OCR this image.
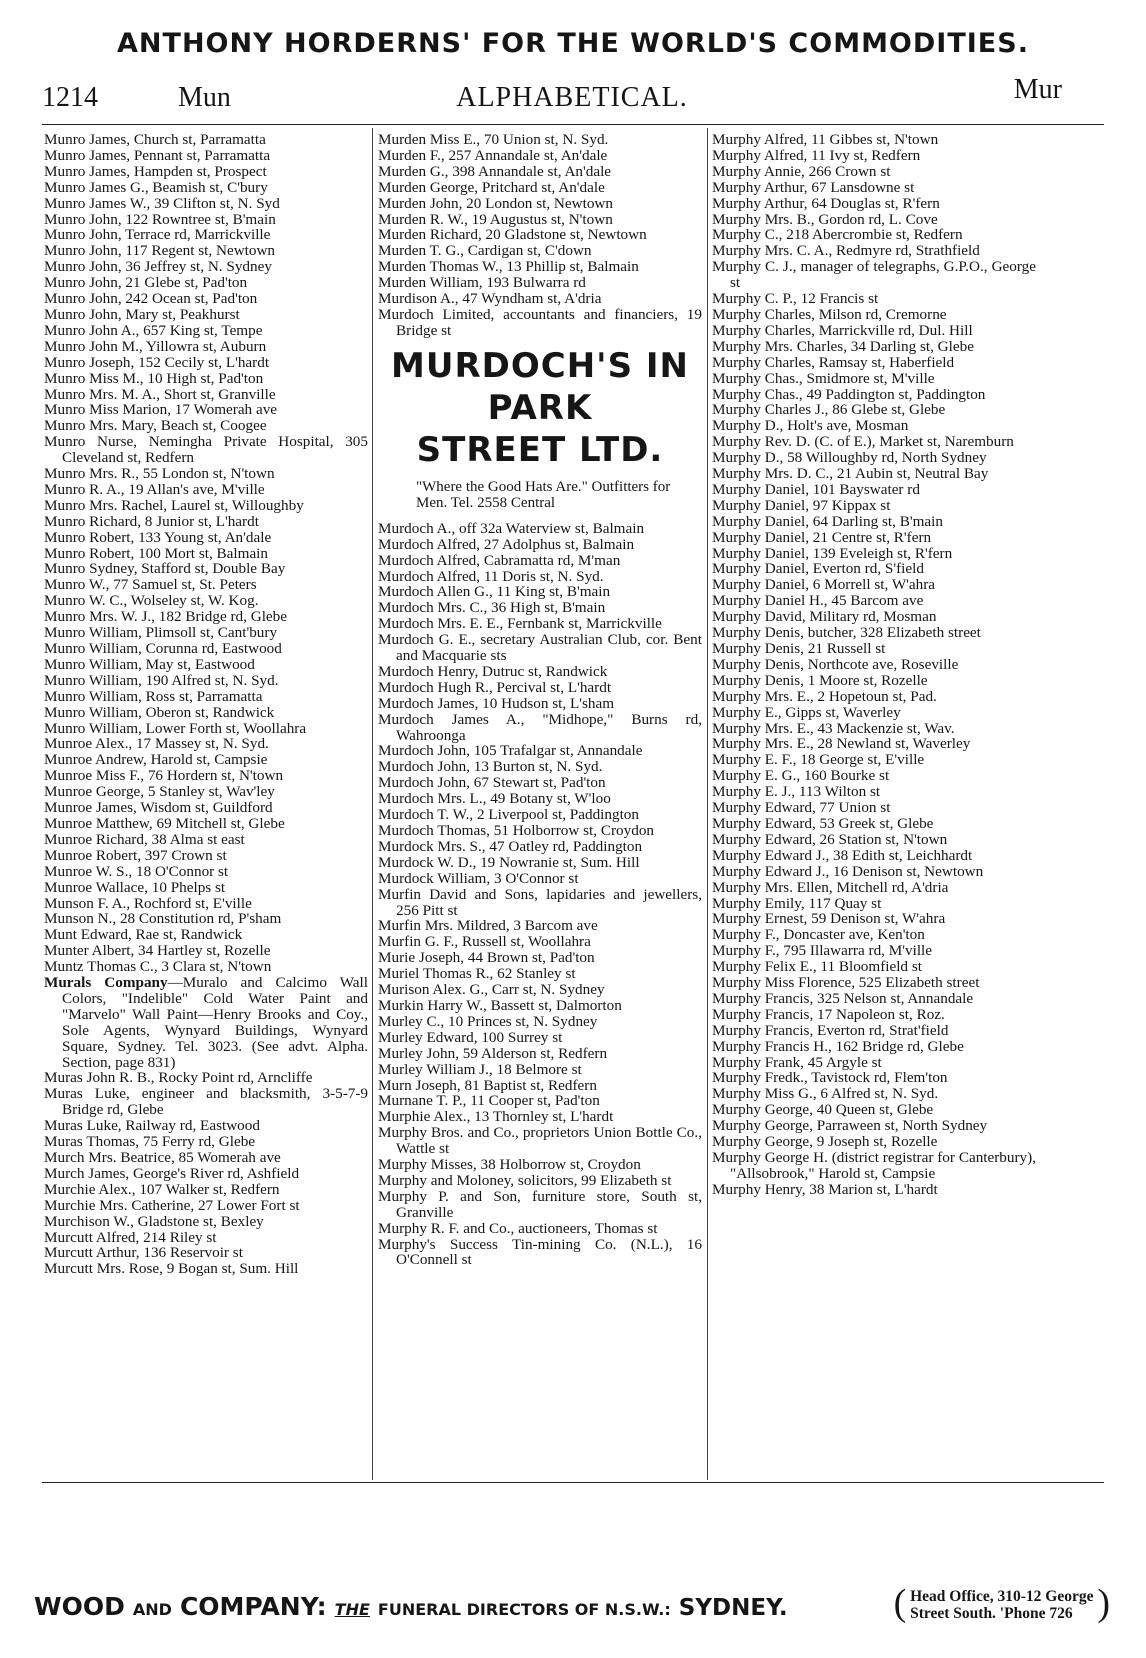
ANTHONY HORDERNS' FOR THE WORLD'S COMMODITIES.
1214	Mun	ALPHABETICAL.	Mur
Munro James, Church st, Parramatta
Munro James, Pennant st, Parramatta
Munro James, Hampden st, Prospect
Munro James G., Beamish st, C'bury
Munro James W., 39 Clifton st, N. Syd
Munro John, 122 Rowntree st, B'main
Munro John, Terrace rd, Marrickville
Munro John, 117 Regent st, Newtown
Munro John, 36 Jeffrey st, N. Sydney
Munro John, 21 Glebe st, Pad'ton
Munro John, 242 Ocean st, Pad'ton
Munro John, Mary st, Peakhurst
Munro John A., 657 King st, Tempe
Munro John M., Yillowra st, Auburn
Munro Joseph, 152 Cecily st, L'hardt
Munro Miss M., 10 High st, Pad'ton
Munro Mrs. M. A., Short st, Granville
Munro Miss Marion, 17 Womerah ave
Munro Mrs. Mary, Beach st, Coogee
Munro Nurse, Nemingha Private Hospital, 305 Cleveland st, Redfern
Munro Mrs. R., 55 London st, N'town
Munro R. A., 19 Allan's ave, M'ville
Munro Mrs. Rachel, Laurel st, Willoughby
Munro Richard, 8 Junior st, L'hardt
Munro Robert, 133 Young st, An'dale
Munro Robert, 100 Mort st, Balmain
Munro Sydney, Stafford st, Double Bay
Munro W., 77 Samuel st, St. Peters
Munro W. C., Wolseley st, W. Kog.
Munro Mrs. W. J., 182 Bridge rd, Glebe
Munro William, Plimsoll st, Cant'bury
Munro William, Corunna rd, Eastwood
Munro William, May st, Eastwood
Munro William, 190 Alfred st, N. Syd.
Munro William, Ross st, Parramatta
Munro William, Oberon st, Randwick
Munro William, Lower Forth st, Woollahra
Munroe Alex., 17 Massey st, N. Syd.
Munroe Andrew, Harold st, Campsie
Munroe Miss F., 76 Hordern st, N'town
Munroe George, 5 Stanley st, Wav'ley
Munroe James, Wisdom st, Guildford
Munroe Matthew, 69 Mitchell st, Glebe
Munroe Richard, 38 Alma st east
Munroe Robert, 397 Crown st
Munroe W. S., 18 O'Connor st
Munroe Wallace, 10 Phelps st
Munson F. A., Rochford st, E'ville
Munson N., 28 Constitution rd, P'sham
Munt Edward, Rae st, Randwick
Munter Albert, 34 Hartley st, Rozelle
Muntz Thomas C., 3 Clara st, N'town
Murals Company—Muralo and Calcimo Wall Colors, "Indelible" Cold Water Paint and "Marvelo" Wall Paint—Henry Brooks and Coy., Sole Agents, Wynyard Buildings, Wynyard Square, Sydney. Tel. 3023. (See advt. Alpha. Section, page 831)
Muras John R. B., Rocky Point rd, Arncliffe
Muras Luke, engineer and blacksmith, 3-5-7-9 Bridge rd, Glebe
Muras Luke, Railway rd, Eastwood
Muras Thomas, 75 Ferry rd, Glebe
Murch Mrs. Beatrice, 85 Womerah ave
Murch James, George's River rd, Ashfield
Murchie Alex., 107 Walker st, Redfern
Murchie Mrs. Catherine, 27 Lower Fort st
Murchison W., Gladstone st, Bexley
Murcutt Alfred, 214 Riley st
Murcutt Arthur, 136 Reservoir st
Murcutt Mrs. Rose, 9 Bogan st, Sum. Hill
Murden Miss E., 70 Union st, N. Syd.
Murden F., 257 Annandale st, An'dale
Murden G., 398 Annandale st, An'dale
Murden George, Pritchard st, An'dale
Murden John, 20 London st, Newtown
Murden R. W., 19 Augustus st, N'town
Murden Richard, 20 Gladstone st, Newtown
Murden T. G., Cardigan st, C'down
Murden Thomas W., 13 Phillip st, Balmain
Murden William, 193 Bulwarra rd
Murdison A., 47 Wyndham st, A'dria
Murdoch Limited, accountants and financiers, 19 Bridge st
MURDOCH'S IN PARK
STREET LTD.
"Where the Good Hats Are." Outfitters for Men. Tel. 2558 Central
Murdoch A., off 32a Waterview st, Balmain
Murdoch Alfred, 27 Adolphus st, Balmain
Murdoch Alfred, Cabramatta rd, M'man
Murdoch Alfred, 11 Doris st, N. Syd.
Murdoch Allen G., 11 King st, B'main
Murdoch Mrs. C., 36 High st, B'main
Murdoch Mrs. E. E., Fernbank st, Marrickville
Murdoch G. E., secretary Australian Club, cor. Bent and Macquarie sts
Murdoch Henry, Dutruc st, Randwick
Murdoch Hugh R., Percival st, L'hardt
Murdoch James, 10 Hudson st, L'sham
Murdoch James A., "Midhope," Burns rd, Wahroonga
Murdoch John, 105 Trafalgar st, Annandale
Murdoch John, 13 Burton st, N. Syd.
Murdoch John, 67 Stewart st, Pad'ton
Murdoch Mrs. L., 49 Botany st, W'loo
Murdoch T. W., 2 Liverpool st, Paddington
Murdoch Thomas, 51 Holborrow st, Croydon
Murdock Mrs. S., 47 Oatley rd, Paddington
Murdock W. D., 19 Nowranie st, Sum. Hill
Murdock William, 3 O'Connor st
Murfin David and Sons, lapidaries and jewellers, 256 Pitt st
Murfin Mrs. Mildred, 3 Barcom ave
Murfin G. F., Russell st, Woollahra
Murie Joseph, 44 Brown st, Pad'ton
Muriel Thomas R., 62 Stanley st
Murison Alex. G., Carr st, N. Sydney
Murkin Harry W., Bassett st, Dalmorton
Murley C., 10 Princes st, N. Sydney
Murley Edward, 100 Surrey st
Murley John, 59 Alderson st, Redfern
Murley William J., 18 Belmore st
Murn Joseph, 81 Baptist st, Redfern
Murnane T. P., 11 Cooper st, Pad'ton
Murphie Alex., 13 Thornley st, L'hardt
Murphy Bros. and Co., proprietors Union Bottle Co., Wattle st
Murphy Misses, 38 Holborrow st, Croydon
Murphy and Moloney, solicitors, 99 Elizabeth st
Murphy P. and Son, furniture store, South st, Granville
Murphy R. F. and Co., auctioneers, Thomas st
Murphy's Success Tin-mining Co. (N.L.), 16 O'Connell st
Murphy Alfred, 11 Gibbes st, N'town
Murphy Alfred, 11 Ivy st, Redfern
Murphy Annie, 266 Crown st
Murphy Arthur, 67 Lansdowne st
Murphy Arthur, 64 Douglas st, R'fern
Murphy Mrs. B., Gordon rd, L. Cove
Murphy C., 218 Abercrombie st, Redfern
Murphy Mrs. C. A., Redmyre rd, Strathfield
Murphy C. J., manager of telegraphs, G.P.O., George st
Murphy C. P., 12 Francis st
Murphy Charles, Milson rd, Cremorne
Murphy Charles, Marrickville rd, Dul. Hill
Murphy Mrs. Charles, 34 Darling st, Glebe
Murphy Charles, Ramsay st, Haberfield
Murphy Chas., Smidmore st, M'ville
Murphy Chas., 49 Paddington st, Paddington
Murphy Charles J., 86 Glebe st, Glebe
Murphy D., Holt's ave, Mosman
Murphy Rev. D. (C. of E.), Market st, Naremburn
Murphy D., 58 Willoughby rd, North Sydney
Murphy Mrs. D. C., 21 Aubin st, Neutral Bay
Murphy Daniel, 101 Bayswater rd
Murphy Daniel, 97 Kippax st
Murphy Daniel, 64 Darling st, B'main
Murphy Daniel, 21 Centre st, R'fern
Murphy Daniel, 139 Eveleigh st, R'fern
Murphy Daniel, Everton rd, S'field
Murphy Daniel, 6 Morrell st, W'ahra
Murphy Daniel H., 45 Barcom ave
Murphy David, Military rd, Mosman
Murphy Denis, butcher, 328 Elizabeth street
Murphy Denis, 21 Russell st
Murphy Denis, Northcote ave, Roseville
Murphy Denis, 1 Moore st, Rozelle
Murphy Mrs. E., 2 Hopetoun st, Pad.
Murphy E., Gipps st, Waverley
Murphy Mrs. E., 43 Mackenzie st, Wav.
Murphy Mrs. E., 28 Newland st, Waverley
Murphy E. F., 18 George st, E'ville
Murphy E. G., 160 Bourke st
Murphy E. J., 113 Wilton st
Murphy Edward, 77 Union st
Murphy Edward, 53 Greek st, Glebe
Murphy Edward, 26 Station st, N'town
Murphy Edward J., 38 Edith st, Leichhardt
Murphy Edward J., 16 Denison st, Newtown
Murphy Mrs. Ellen, Mitchell rd, A'dria
Murphy Emily, 117 Quay st
Murphy Ernest, 59 Denison st, W'ahra
Murphy F., Doncaster ave, Ken'ton
Murphy F., 795 Illawarra rd, M'ville
Murphy Felix E., 11 Bloomfield st
Murphy Miss Florence, 525 Elizabeth street
Murphy Francis, 325 Nelson st, Annandale
Murphy Francis, 17 Napoleon st, Roz.
Murphy Francis, Everton rd, Strat'field
Murphy Francis H., 162 Bridge rd, Glebe
Murphy Frank, 45 Argyle st
Murphy Fredk., Tavistock rd, Flem'ton
Murphy Miss G., 6 Alfred st, N. Syd.
Murphy George, 40 Queen st, Glebe
Murphy George, Parraween st, North Sydney
Murphy George, 9 Joseph st, Rozelle
Murphy George H. (district registrar for Canterbury), "Allsobrook," Harold st, Campsie
Murphy Henry, 38 Marion st, L'hardt
WOOD AND COMPANY: THE FUNERAL DIRECTORS OF N.S.W.: SYDNEY.	( Head Office, 310-12 George
Street South. 'Phone 726 )
